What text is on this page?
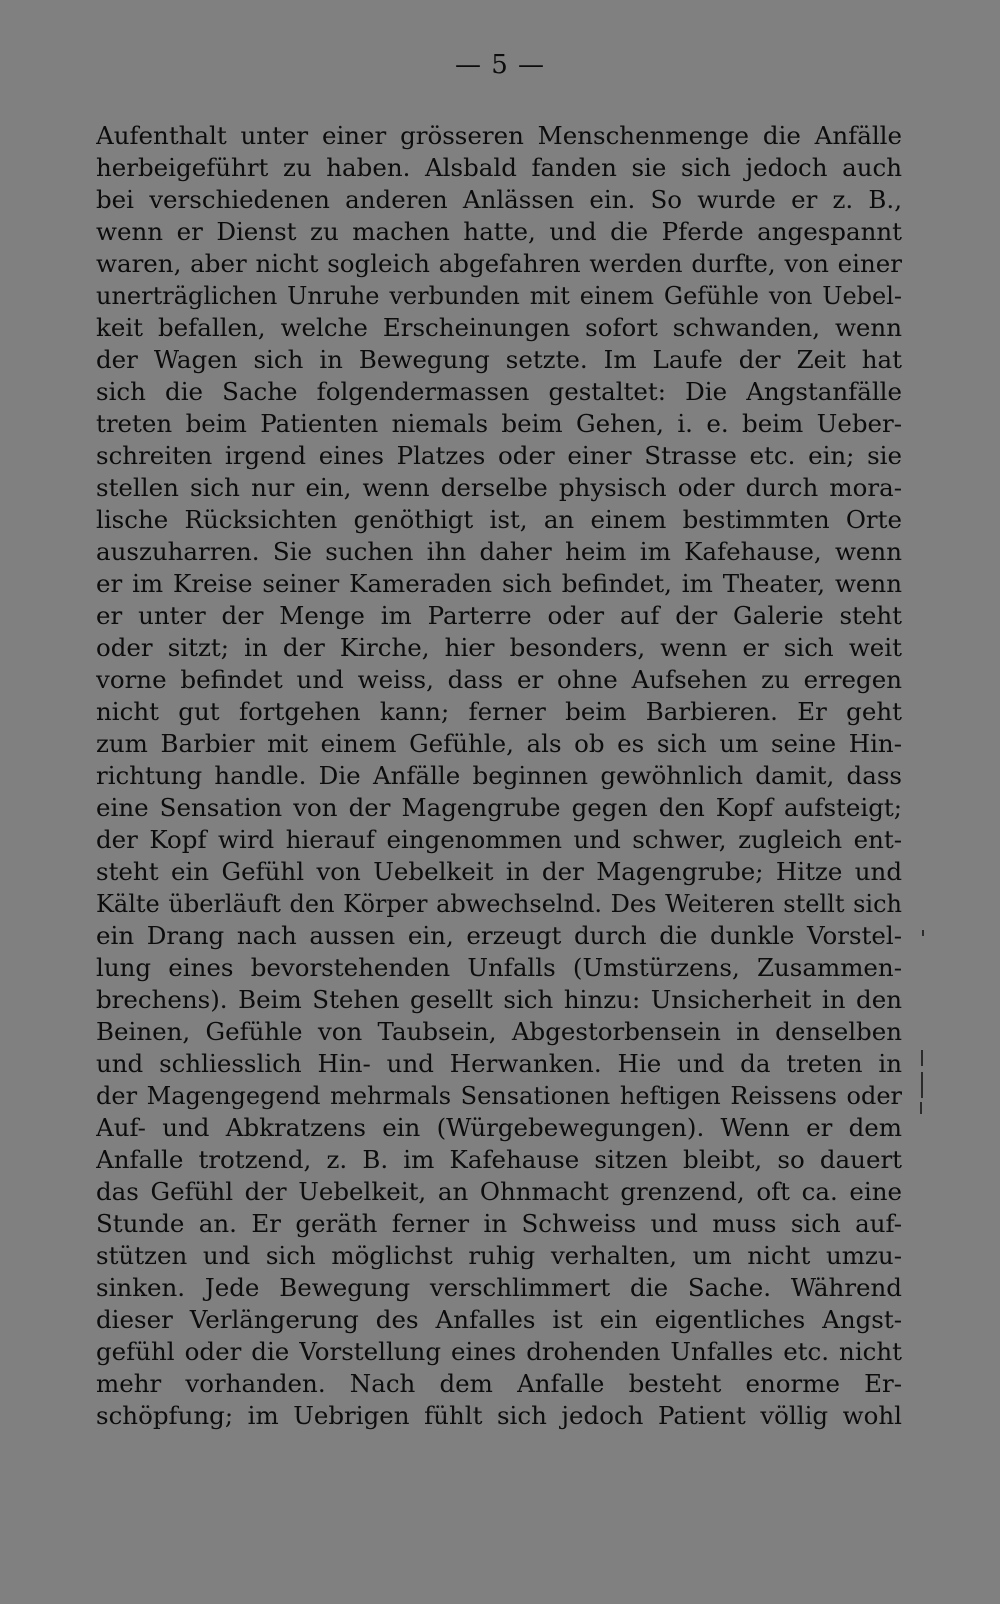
— 5 —
Aufenthalt unter einer grösseren Menschenmenge die Anfälle
herbeigeführt zu haben. Alsbald fanden sie sich jedoch auch
bei verschiedenen anderen Anlässen ein. So wurde er z. B.,
wenn er Dienst zu machen hatte, und die Pferde angespannt
waren, aber nicht sogleich abgefahren werden durfte, von einer
unerträglichen Unruhe verbunden mit einem Gefühle von Uebel-
keit befallen, welche Erscheinungen sofort schwanden, wenn
der Wagen sich in Bewegung setzte. Im Laufe der Zeit hat
sich die Sache folgendermassen gestaltet: Die Angstanfälle
treten beim Patienten niemals beim Gehen, i. e. beim Ueber-
schreiten irgend eines Platzes oder einer Strasse etc. ein; sie
stellen sich nur ein, wenn derselbe physisch oder durch mora-
lische Rücksichten genöthigt ist, an einem bestimmten Orte
auszuharren. Sie suchen ihn daher heim im Kafehause, wenn
er im Kreise seiner Kameraden sich befindet, im Theater, wenn
er unter der Menge im Parterre oder auf der Galerie steht
oder sitzt; in der Kirche, hier besonders, wenn er sich weit
vorne befindet und weiss, dass er ohne Aufsehen zu erregen
nicht gut fortgehen kann; ferner beim Barbieren. Er geht
zum Barbier mit einem Gefühle, als ob es sich um seine Hin-
richtung handle. Die Anfälle beginnen gewöhnlich damit, dass
eine Sensation von der Magengrube gegen den Kopf aufsteigt;
der Kopf wird hierauf eingenommen und schwer, zugleich ent-
steht ein Gefühl von Uebelkeit in der Magengrube; Hitze und
Kälte überläuft den Körper abwechselnd. Des Weiteren stellt sich
ein Drang nach aussen ein, erzeugt durch die dunkle Vorstel-
lung eines bevorstehenden Unfalls (Umstürzens, Zusammen-
brechens). Beim Stehen gesellt sich hinzu: Unsicherheit in den
Beinen, Gefühle von Taubsein, Abgestorbensein in denselben
und schliesslich Hin- und Herwanken. Hie und da treten in
der Magengegend mehrmals Sensationen heftigen Reissens oder
Auf- und Abkratzens ein (Würgebewegungen). Wenn er dem
Anfalle trotzend, z. B. im Kafehause sitzen bleibt, so dauert
das Gefühl der Uebelkeit, an Ohnmacht grenzend, oft ca. eine
Stunde an. Er geräth ferner in Schweiss und muss sich auf-
stützen und sich möglichst ruhig verhalten, um nicht umzu-
sinken. Jede Bewegung verschlimmert die Sache. Während
dieser Verlängerung des Anfalles ist ein eigentliches Angst-
gefühl oder die Vorstellung eines drohenden Unfalles etc. nicht
mehr vorhanden. Nach dem Anfalle besteht enorme Er-
schöpfung; im Uebrigen fühlt sich jedoch Patient völlig wohl
